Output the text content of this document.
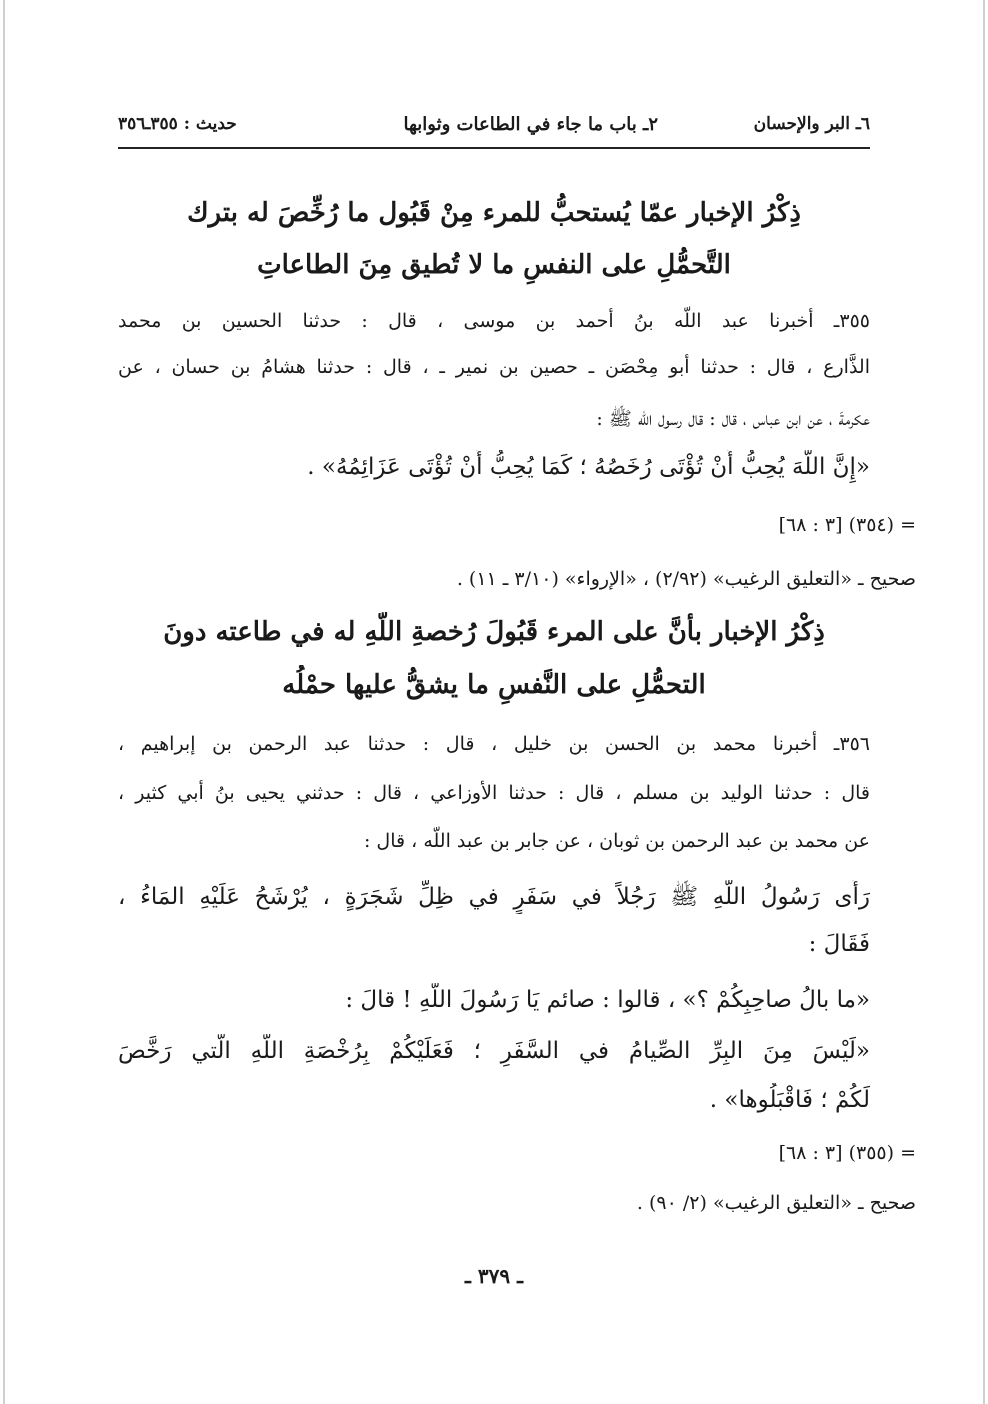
٦ـ البر والإحسان
٢ـ باب ما جاء في الطاعات وثوابها
حديث : ٣٥٥ـ٣٥٦
ذِكْرُ الإخبار عمّا يُستحبُّ للمرء مِنْ قَبُول ما رُخِّصَ له بترك
التَّحمُّلِ على النفسِ ما لا تُطيق مِنَ الطاعاتِ
٣٥٥ـ أخبرنا عبد اللّه بنُ أحمد بن موسى ، قال : حدثنا الحسين بن محمد
الذَّارع ، قال : حدثنا أبو مِحْصَن ـ حصين بن نمير ـ ، قال : حدثنا هشامُ بن حسان ، عن
عكرمةَ ، عن ابن عباس ، قال : قال رسول اللّه ﷺ :
«إِنَّ اللّهَ يُحِبُّ أَنْ تُؤْتَى رُخَصُهُ ؛ كَمَا يُحِبُّ أَنْ تُؤْتَى عَزَائِمُهُ» .
= (٣٥٤) [٣ : ٦٨]
صحيح ـ «التعليق الرغيب» (٢/٩٢) ، «الإرواء» (٣/١٠ ـ ١١) .
ذِكْرُ الإخبار بأنَّ على المرء قَبُولَ رُخصةِ اللّهِ له في طاعته دونَ
التحمُّلِ على النَّفسِ ما يشقُّ عليها حمْلُه
٣٥٦ـ أخبرنا محمد بن الحسن بن خليل ، قال : حدثنا عبد الرحمن بن إبراهيم ،
قال : حدثنا الوليد بن مسلم ، قال : حدثنا الأوزاعي ، قال : حدثني يحيى بنُ أبي كثير ،
عن محمد بن عبد الرحمن بن ثوبان ، عن جابر بن عبد اللّه ، قال :
رَأَى رَسُولُ اللّهِ ﷺ رَجُلاً في سَفَرٍ في ظِلِّ شَجَرَةٍ ، يُرْشَحُ عَلَيْهِ المَاءُ ،
فَقَالَ :
«ما بالُ صاحِبِكُمْ ؟» ، قالوا : صائم يَا رَسُولَ اللّهِ ! قالَ :
«لَيْسَ مِنَ البِرِّ الصِّيامُ في السَّفَرِ ؛ فَعَلَيْكُمْ بِرُخْصَةِ اللّهِ الَّتي رَخَّصَ
لَكُمْ ؛ فَاقْبَلُوها» .
= (٣٥٥) [٣ : ٦٨]
صحيح ـ «التعليق الرغيب» (٢/ ٩٠) .
ـ ٣٧٩ ـ
